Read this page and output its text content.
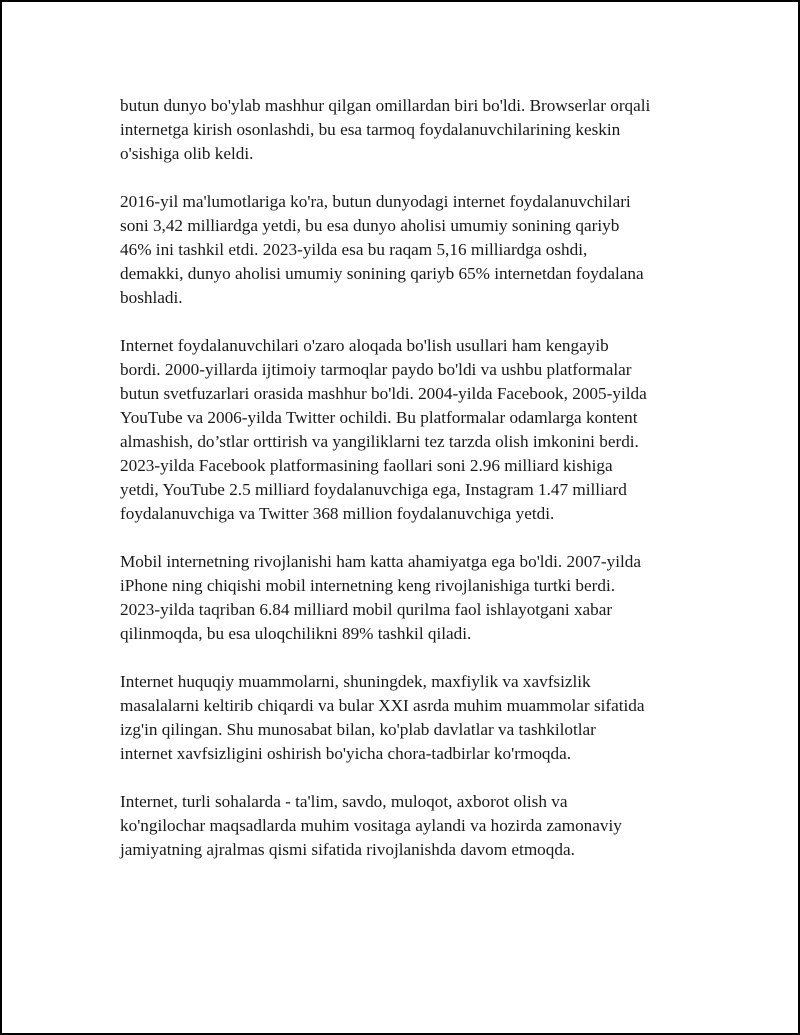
butun dunyo bo'ylab mashhur qilgan omillardan biri bo'ldi. Browserlar orqali
internetga kirish osonlashdi, bu esa tarmoq foydalanuvchilarining keskin
o'sishiga olib keldi.

2016-yil ma'lumotlariga ko'ra, butun dunyodagi internet foydalanuvchilari
soni 3,42 milliardga yetdi, bu esa dunyo aholisi umumiy sonining qariyb
46% ini tashkil etdi. 2023-yilda esa bu raqam 5,16 milliardga oshdi,
demakki, dunyo aholisi umumiy sonining qariyb 65% internetdan foydalana
boshladi.

Internet foydalanuvchilari o'zaro aloqada bo'lish usullari ham kengayib
bordi. 2000-yillarda ijtimoiy tarmoqlar paydo bo'ldi va ushbu platformalar
butun svetfuzarlari orasida mashhur bo'ldi. 2004-yilda Facebook, 2005-yilda
YouTube va 2006-yilda Twitter ochildi. Bu platformalar odamlarga kontent
almashish, do’stlar orttirish va yangiliklarni tez tarzda olish imkonini berdi.
2023-yilda Facebook platformasining faollari soni 2.96 milliard kishiga
yetdi, YouTube 2.5 milliard foydalanuvchiga ega, Instagram 1.47 milliard
foydalanuvchiga va Twitter 368 million foydalanuvchiga yetdi.

Mobil internetning rivojlanishi ham katta ahamiyatga ega bo'ldi. 2007-yilda
iPhone ning chiqishi mobil internetning keng rivojlanishiga turtki berdi.
2023-yilda taqriban 6.84 milliard mobil qurilma faol ishlayotgani xabar
qilinmoqda, bu esa uloqchilikni 89% tashkil qiladi.

Internet huquqiy muammolarni, shuningdek, maxfiylik va xavfsizlik
masalalarni keltirib chiqardi va bular XXI asrda muhim muammolar sifatida
izg'in qilingan. Shu munosabat bilan, ko'plab davlatlar va tashkilotlar
internet xavfsizligini oshirish bo'yicha chora-tadbirlar ko'rmoqda.

Internet, turli sohalarda - ta'lim, savdo, muloqot, axborot olish va
ko'ngilochar maqsadlarda muhim vositaga aylandi va hozirda zamonaviy
jamiyatning ajralmas qismi sifatida rivojlanishda davom etmoqda.
